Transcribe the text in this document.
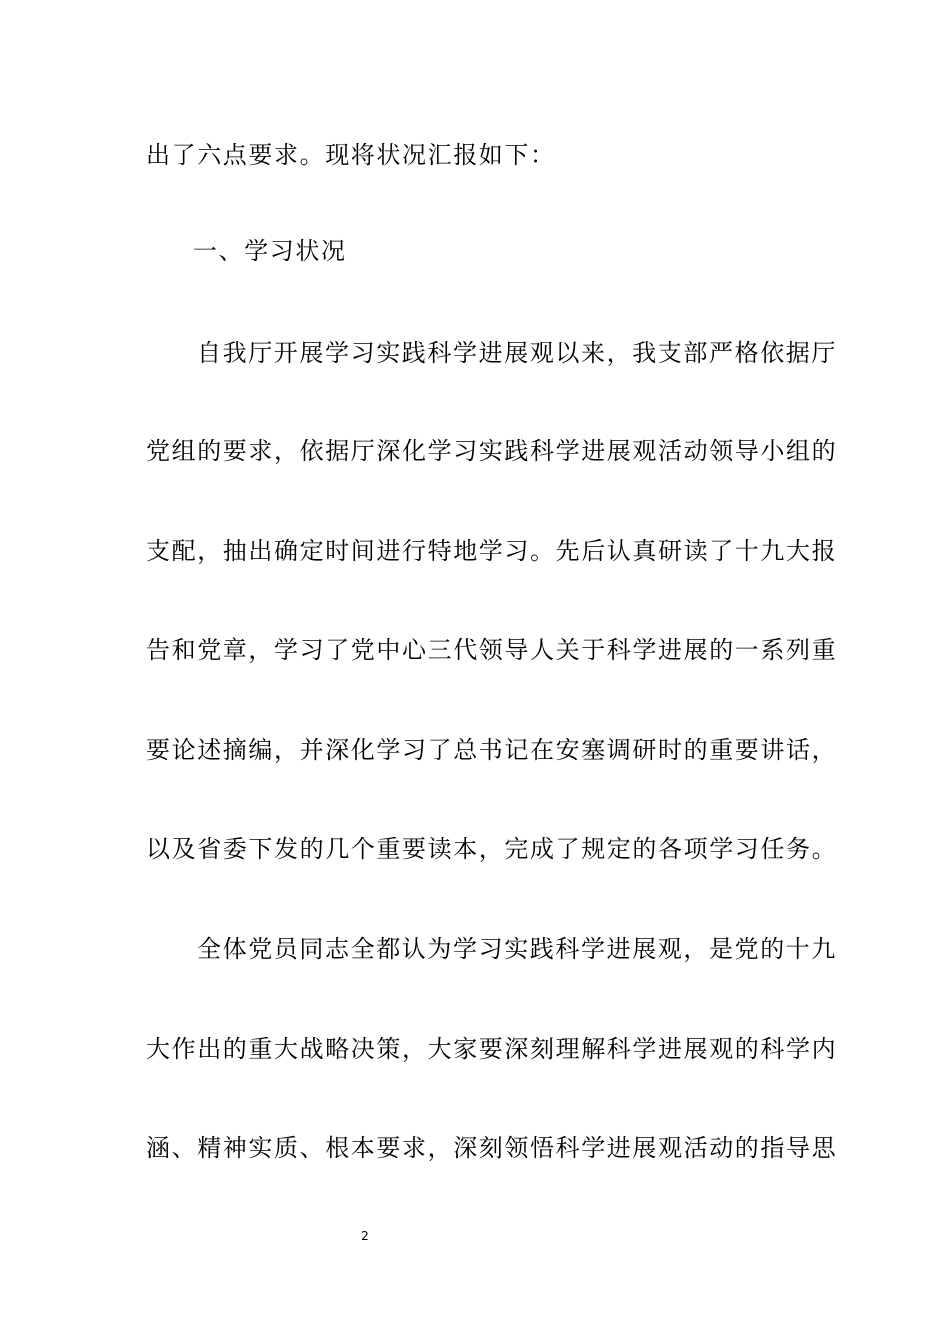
出了六点要求。现将状况汇报如下：
一、学习状况
自我厅开展学习实践科学进展观以来，我支部严格依据厅
党组的要求，依据厅深化学习实践科学进展观活动领导小组的
支配，抽出确定时间进行特地学习。先后认真研读了十九大报
告和党章，学习了党中心三代领导人关于科学进展的一系列重
要论述摘编，并深化学习了总书记在安塞调研时的重要讲话，
以及省委下发的几个重要读本，完成了规定的各项学习任务。
全体党员同志全都认为学习实践科学进展观，是党的十九
大作出的重大战略决策，大家要深刻理解科学进展观的科学内
涵、精神实质、根本要求，深刻领悟科学进展观活动的指导思
2
